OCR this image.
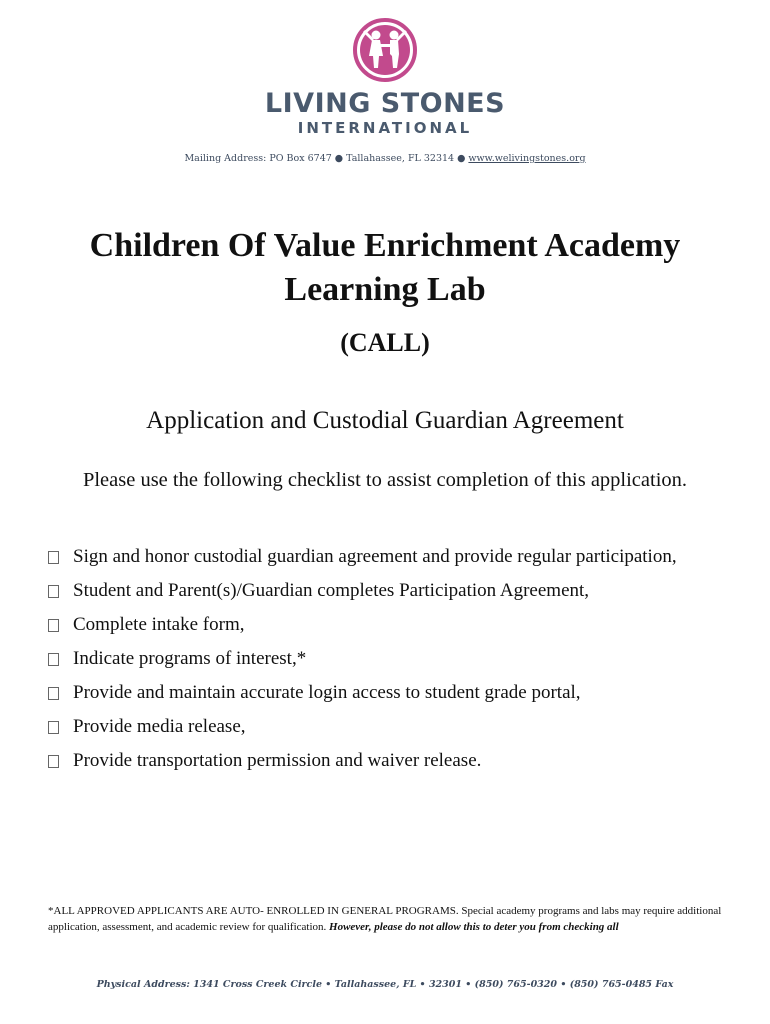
LIVING STONES
INTERNATIONAL
Mailing Address: PO Box 6747 ● Tallahassee, FL 32314 ● www.welivingstones.org
Children Of Value Enrichment Academy
Learning Lab
(CALL)
Application and Custodial Guardian Agreement
Please use the following checklist to assist completion of this application.
Sign and honor custodial guardian agreement and provide regular participation,
Student and Parent(s)/Guardian completes Participation Agreement,
Complete intake form,
Indicate programs of interest,*
Provide and maintain accurate login access to student grade portal,
Provide media release,
Provide transportation permission and waiver release.
*ALL APPROVED APPLICANTS ARE AUTO- ENROLLED IN GENERAL PROGRAMS. Special academy programs and labs may require additional application, assessment, and academic review for qualification. However, please do not allow this to deter you from checking all
Physical Address: 1341 Cross Creek Circle • Tallahassee, FL • 32301 • (850) 765-0320 • (850) 765-0485 Fax
